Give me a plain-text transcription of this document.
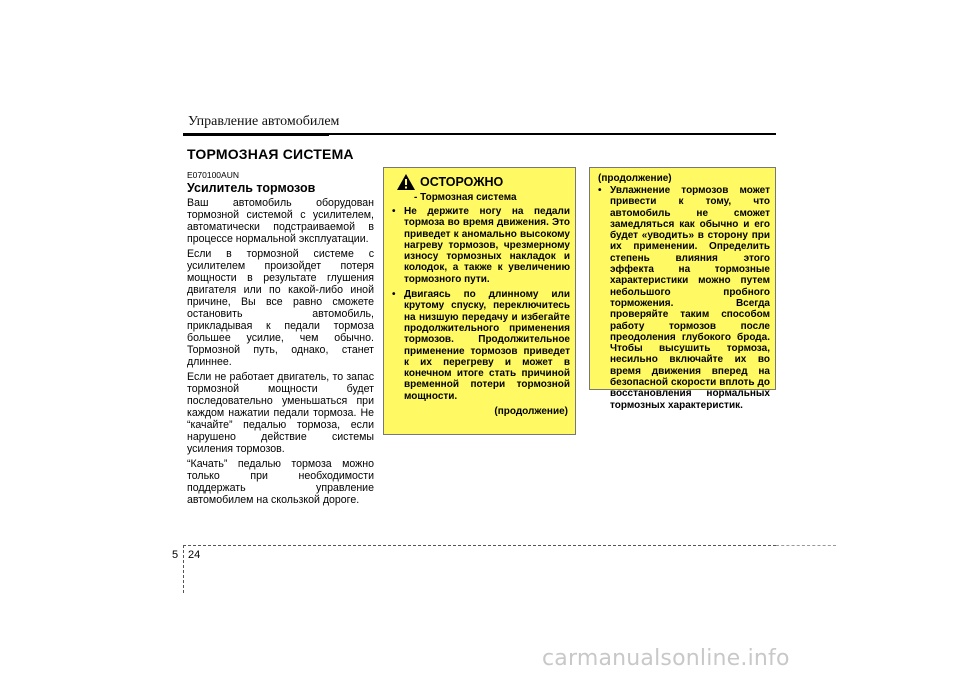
Управление автомобилем
ТОРМОЗНАЯ СИСТЕМА
E070100AUN
Усилитель тормозов

Ваш автомобиль оборудован тормозной системой с усилителем, автоматически подстраиваемой в процессе нормальной эксплуатации.

Если в тормозной системе с усилителем произойдет потеря мощности в результате глушения двигателя или по какой-либо иной причине, Вы все равно сможете остановить автомобиль, прикладывая к педали тормоза большее усилие, чем обычно. Тормозной путь, однако, станет длиннее.

Если не работает двигатель, то запас тормозной мощности будет последовательно уменьшаться при каждом нажатии педали тормоза. Не “качайте” педалью тормоза, если нарушено действие системы усиления тормозов.

“Качать” педалью тормоза можно только при необходимости поддержать управление автомобилем на скользкой дороге.

ОСТОРОЖНО
- Тормозная система
• Не держите ногу на педали тормоза во время движения. Это приведет к аномально высокому нагреву тормозов, чрезмерному износу тормозных накладок и колодок, а также к увеличению тормозного пути.
• Двигаясь по длинному или крутому спуску, переключитесь на низшую передачу и избегайте продолжительного применения тормозов. Продолжительное применение тормозов приведет к их перегреву и может в конечном итоге стать причиной временной потери тормозной мощности.
(продолжение)
(продолжение)
• Увлажнение тормозов может привести к тому, что автомобиль не сможет замедляться как обычно и его будет «уводить» в сторону при их применении. Определить степень влияния этого эффекта на тормозные характеристики можно путем небольшого пробного торможения. Всегда проверяйте таким способом работу тормозов после преодоления глубокого брода. Чтобы высушить тормоза, несильно включайте их во время движения вперед на безопасной скорости вплоть до восстановления нормальных тормозных характеристик.
5 24
carmanualsonline.info
